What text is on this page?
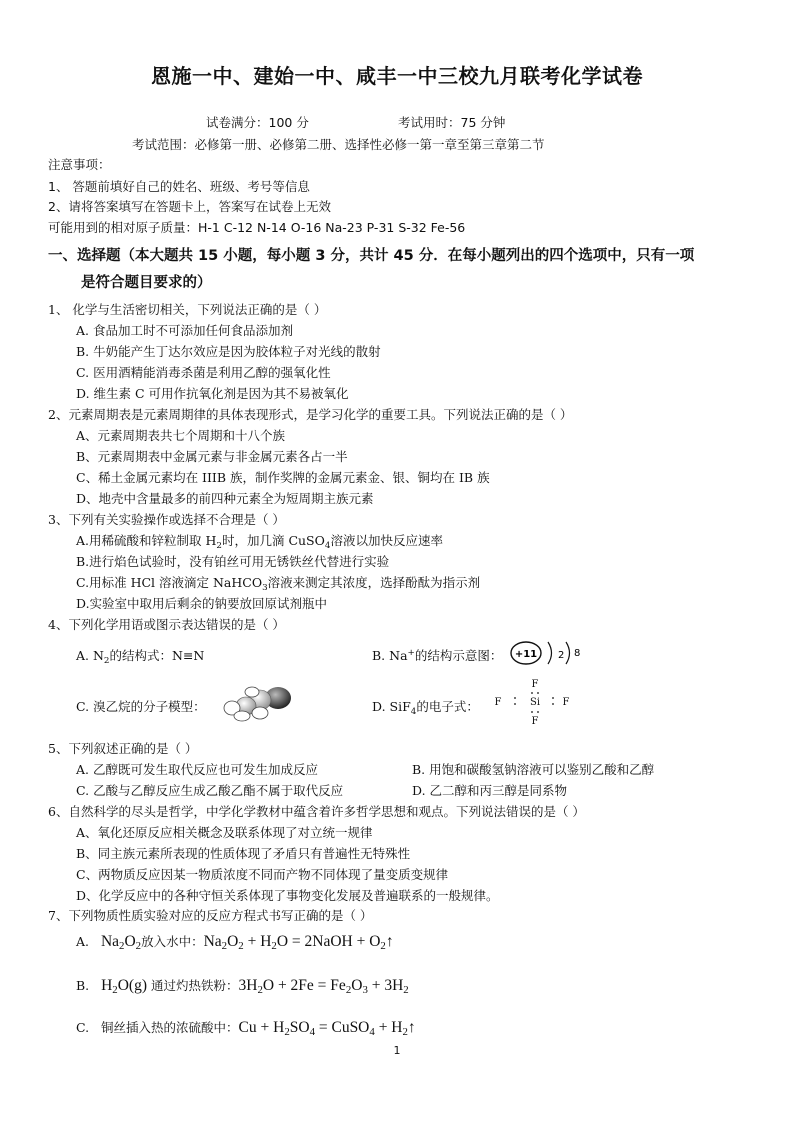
恩施一中、建始一中、咸丰一中三校九月联考化学试卷
试卷满分：100 分	考试用时：75 分钟
考试范围：必修第一册、必修第二册、选择性必修一第一章至第三章第二节
注意事项：
1、 答题前填好自己的姓名、班级、考号等信息
2、请将答案填写在答题卡上，答案写在试卷上无效
可能用到的相对原子质量：H-1 C-12 N-14 O-16 Na-23 P-31 S-32 Fe-56
一、选择题（本大题共 15 小题，每小题 3 分，共计 45 分．在每小题列出的四个选项中，只有一项
是符合题目要求的）
1、 化学与生活密切相关，下列说法正确的是（ ）
A. 食品加工时不可添加任何食品添加剂
B. 牛奶能产生丁达尔效应是因为胶体粒子对光线的散射
C. 医用酒精能消毒杀菌是利用乙醇的强氧化性
D. 维生素 C 可用作抗氧化剂是因为其不易被氧化
2、元素周期表是元素周期律的具体表现形式，是学习化学的重要工具。下列说法正确的是（ ）
A、元素周期表共七个周期和十八个族
B、元素周期表中金属元素与非金属元素各占一半
C、稀土金属元素均在 IIIB 族，制作奖牌的金属元素金、银、铜均在 IB 族
D、地壳中含量最多的前四种元素全为短周期主族元素
3、下列有关实验操作或选择不合理是（ ）
A.用稀硫酸和锌粒制取 $H_2$时，加几滴 CuSO$_4$溶液以加快反应速率
B.进行焰色试验时，没有铂丝可用无锈铁丝代替进行实验
C.用标准 HCl 溶液滴定 NaHCO$_3$溶液来测定其浓度，选择酚酞为指示剂
D.实验室中取用后剩余的钠要放回原试剂瓶中
4、下列化学用语或图示表达错误的是（ ）
A. $N_2$的结构式：N≡N	B. Na+的结构示意图： +11 2 8
C. 溴乙烷的分子模型：	D. SiF$_4$的电子式：
F
Si
F
F	F
5、下列叙述正确的是（ ）
A. 乙醇既可发生取代反应也可发生加成反应	B. 用饱和碳酸氢钠溶液可以鉴别乙酸和乙醇
C. 乙酸与乙醇反应生成乙酸乙酯不属于取代反应	D. 乙二醇和丙三醇是同系物
6、自然科学的尽头是哲学，中学化学教材中蕴含着许多哲学思想和观点。下列说法错误的是（ ）
A、氧化还原反应相关概念及联系体现了对立统一规律
B、同主族元素所表现的性质体现了矛盾只有普遍性无特殊性
C、两物质反应因某一物质浓度不同而产物不同体现了量变质变规律
D、化学反应中的各种守恒关系体现了事物变化发展及普遍联系的一般规律。
7、下列物质性质实验对应的反应方程式书写正确的是（ ）
A. $Na_2O_2$放入水中：$Na_2O_2 + H_2O$ = 2NaOH + $O_2↑$
B. $H_2O(g)$ 通过灼热铁粉：$3H_2O + 2Fe = Fe_2O_3 + 3H_2$
C. 铜丝插入热的浓硫酸中：$Cu + H_2SO_4$ = CuSO$_4$ + $H_2↑$
1
